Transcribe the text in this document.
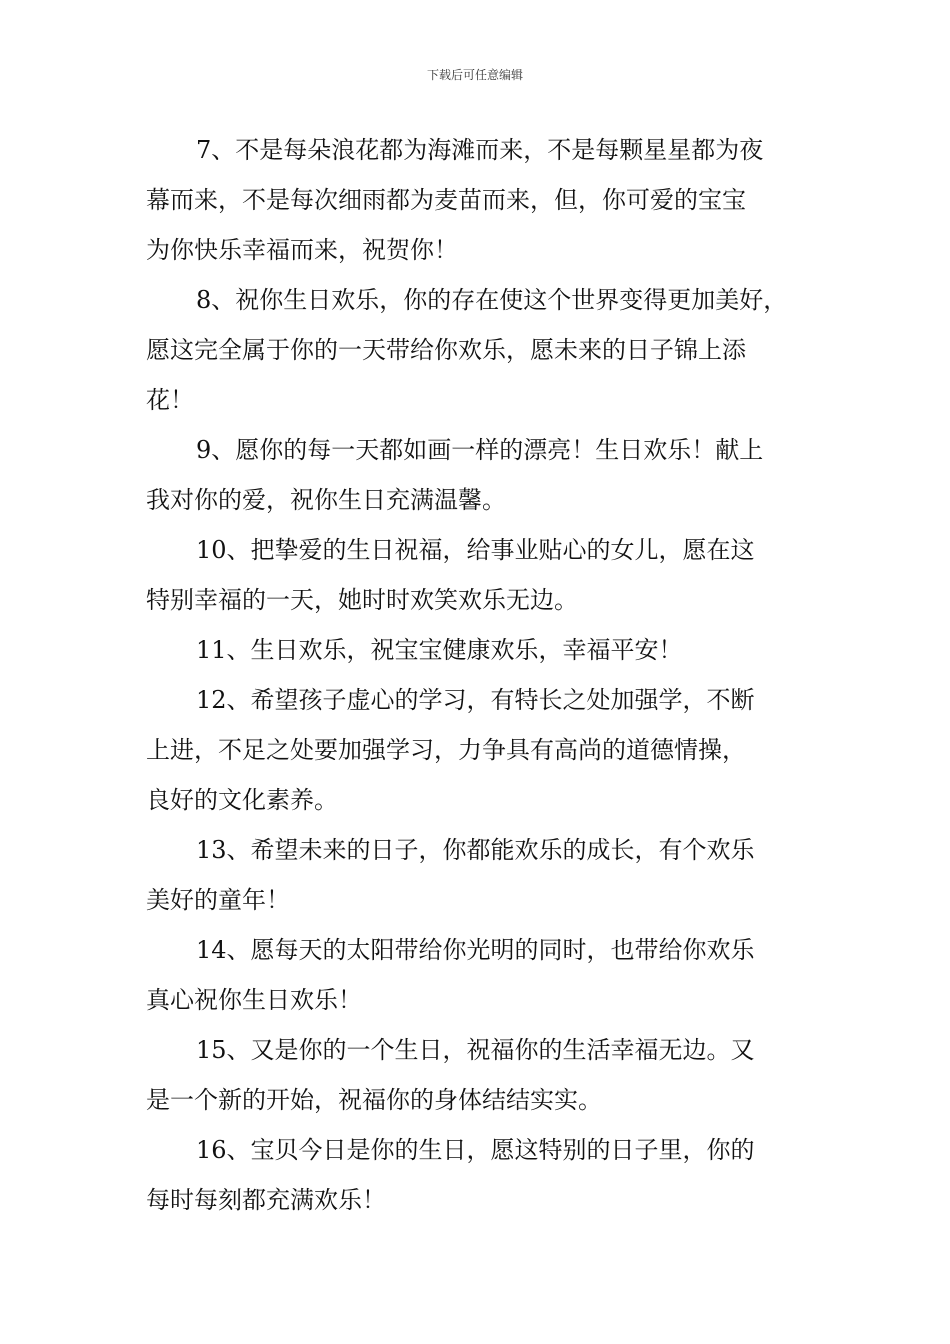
下载后可任意编辑
7、不是每朵浪花都为海滩而来，不是每颗星星都为夜
幕而来，不是每次细雨都为麦苗而来，但，你可爱的宝宝
为你快乐幸福而来，祝贺你！
8、祝你生日欢乐，你的存在使这个世界变得更加美好，
愿这完全属于你的一天带给你欢乐，愿未来的日子锦上添
花！
9、愿你的每一天都如画一样的漂亮！生日欢乐！献上
我对你的爱，祝你生日充满温馨。
10、把挚爱的生日祝福，给事业贴心的女儿，愿在这
特别幸福的一天，她时时欢笑欢乐无边。
11、生日欢乐，祝宝宝健康欢乐，幸福平安！
12、希望孩子虚心的学习，有特长之处加强学，不断
上进，不足之处要加强学习，力争具有高尚的道德情操，
良好的文化素养。
13、希望未来的日子，你都能欢乐的成长，有个欢乐
美好的童年！
14、愿每天的太阳带给你光明的同时，也带给你欢乐
真心祝你生日欢乐！
15、又是你的一个生日，祝福你的生活幸福无边。又
是一个新的开始，祝福你的身体结结实实。
16、宝贝今日是你的生日，愿这特别的日子里，你的
每时每刻都充满欢乐！
